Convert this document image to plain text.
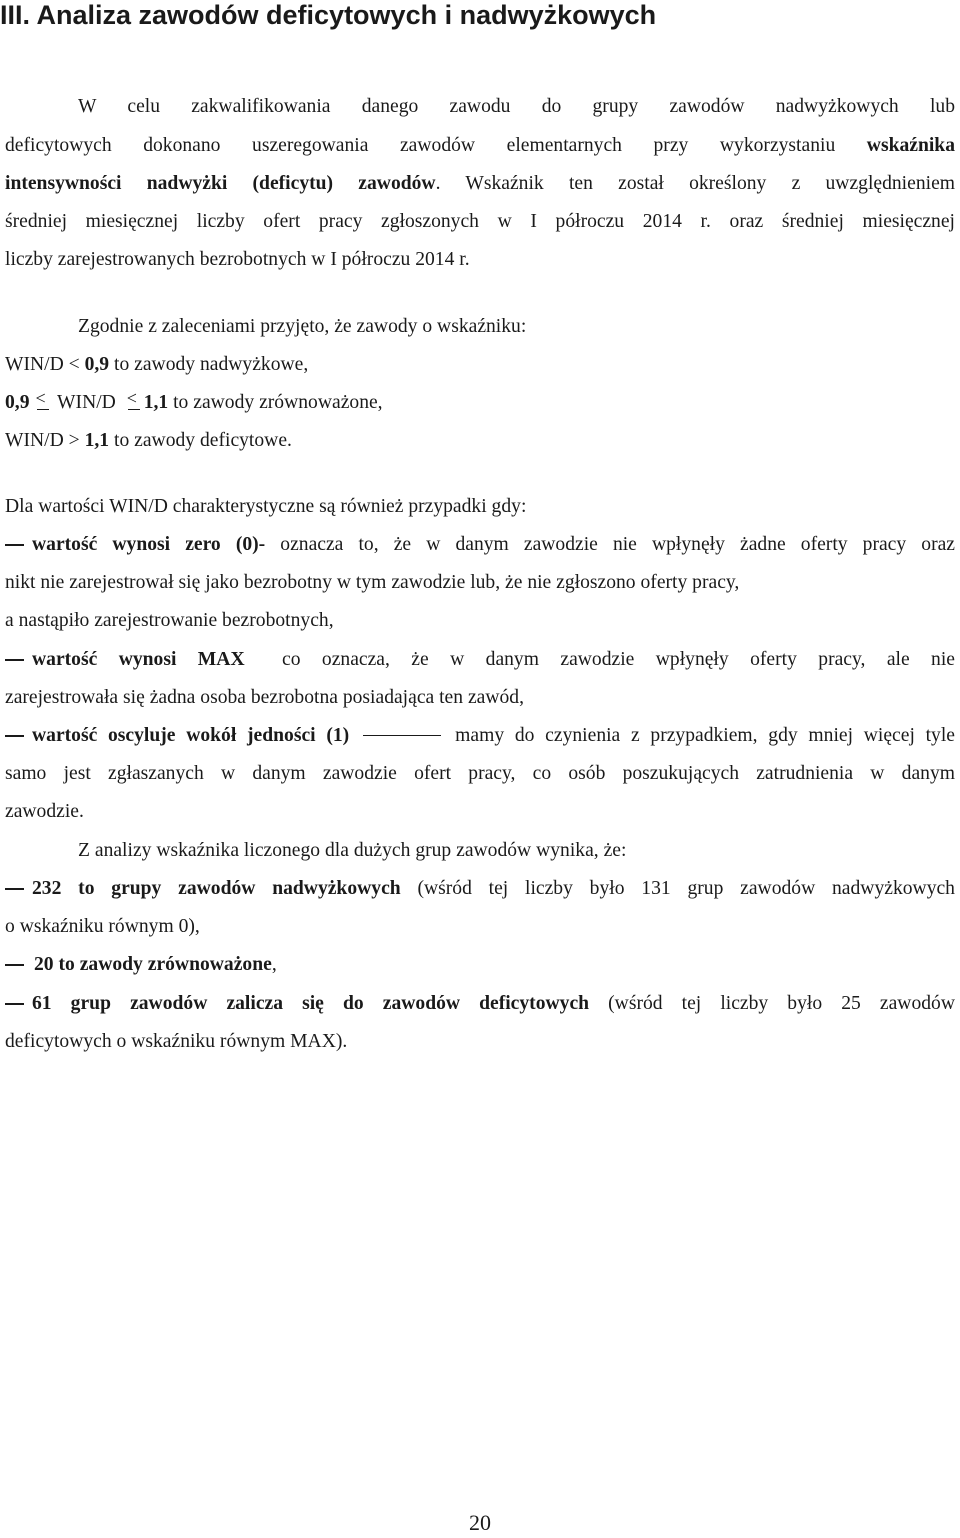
III. Analiza zawodów deficytowych i nadwyżkowych

W celu zakwalifikowania danego zawodu do grupy zawodów nadwyżkowych lub

deficytowych dokonano uszeregowania zawodów elementarnych przy wykorzystaniu wskaźnika

intensywności nadwyżki (deficytu) zawodów. Wskaźnik ten został określony z uwzględnieniem

średniej miesięcznej liczby ofert pracy zgłoszonych w I półroczu 2014 r. oraz średniej miesięcznej

liczby zarejestrowanych bezrobotnych w I półroczu 2014 r.

Zgodnie z zaleceniami przyjęto, że zawody o wskaźniku:

WIN/D < 0,9 to zawody nadwyżkowe,

0,9 < WIN/D < 1,1 to zawody zrównoważone,

WIN/D > 1,1 to zawody deficytowe.

Dla wartości WIN/D charakterystyczne są również przypadki gdy:

wartość wynosi zero (0)- oznacza to, że w danym zawodzie nie wpłynęły żadne oferty pracy oraz

nikt nie zarejestrował się jako bezrobotny w tym zawodzie lub, że nie zgłoszono oferty pracy,

a nastąpiło zarejestrowanie bezrobotnych,

wartość wynosi MAX co oznacza, że w danym zawodzie wpłynęły oferty pracy, ale nie

zarejestrowała się żadna osoba bezrobotna posiadająca ten zawód,

wartość oscyluje wokół jedności (1)	mamy do czynienia z przypadkiem, gdy mniej więcej tyle

samo jest zgłaszanych w danym zawodzie ofert pracy, co osób poszukujących zatrudnienia w danym

zawodzie.

Z analizy wskaźnika liczonego dla dużych grup zawodów wynika, że:

232 to grupy zawodów nadwyżkowych (wśród tej liczby było 131 grup zawodów nadwyżkowych

o wskaźniku równym 0),

20 to zawody zrównoważone,

61 grup zawodów zalicza się do zawodów deficytowych (wśród tej liczby było 25 zawodów

deficytowych o wskaźniku równym MAX).

20
